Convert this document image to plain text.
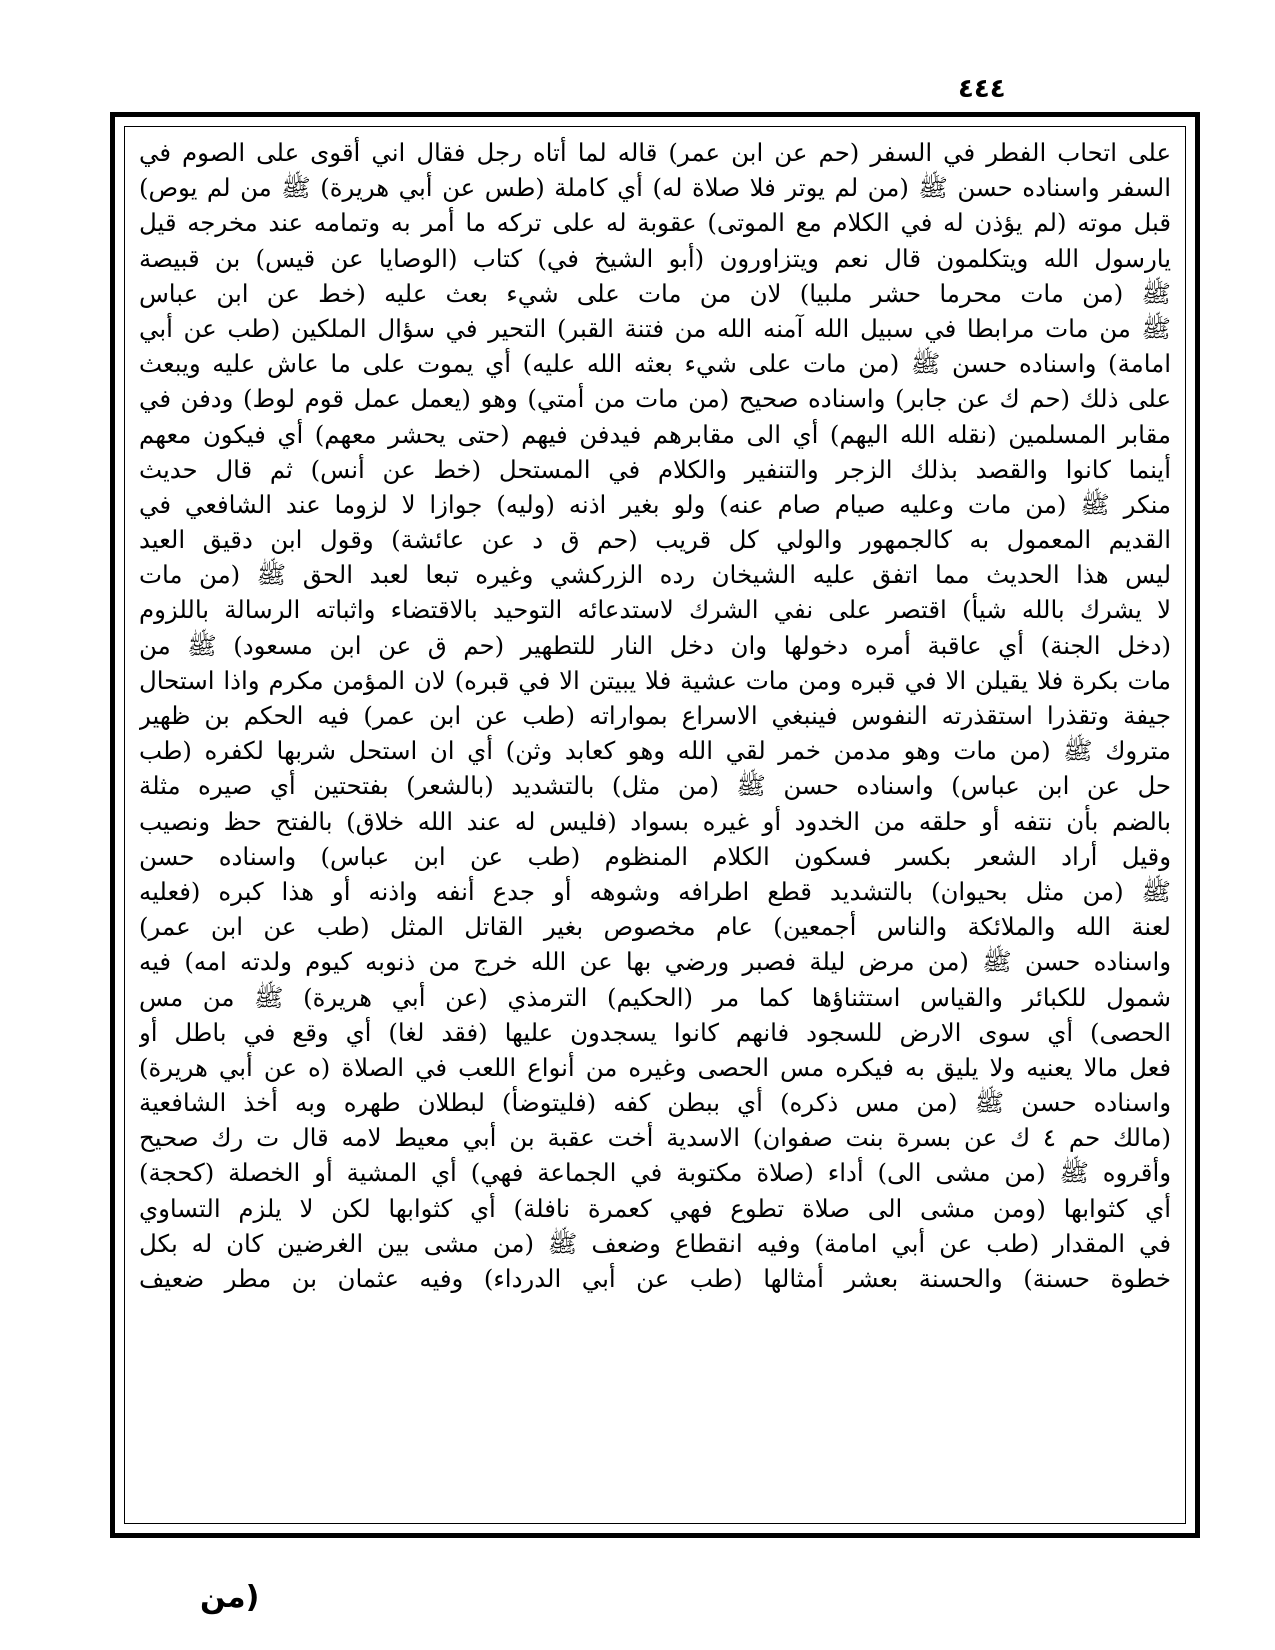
٤٤٤
على اتحاب الفطر في السفر (حم عن ابن عمر) قاله لما أتاه رجل فقال اني أقوى على الصوم في
السفر واسناده حسن ﷺ (من لم يوتر فلا صلاة له) أي كاملة (طس عن أبي هريرة) ﷺ من لم يوص)
قبل موته (لم يؤذن له في الكلام مع الموتى) عقوبة له على تركه ما أمر به وتمامه عند مخرجه قيل
يارسول الله ويتكلمون قال نعم ويتزاورون (أبو الشيخ في) كتاب (الوصايا عن قيس) بن قبيصة
ﷺ (من مات محرما حشر ملبيا) لان من مات على شيء بعث عليه (خط عن ابن عباس
ﷺ من مات مرابطا في سبيل الله آمنه الله من فتنة القبر) التحير في سؤال الملكين (طب عن أبي
امامة) واسناده حسن ﷺ (من مات على شيء بعثه الله عليه) أي يموت على ما عاش عليه ويبعث
على ذلك (حم ك عن جابر) واسناده صحيح (من مات من أمتي) وهو (يعمل عمل قوم لوط) ودفن في
مقابر المسلمين (نقله الله اليهم) أي الى مقابرهم فيدفن فيهم (حتى يحشر معهم) أي فيكون معهم
أينما كانوا والقصد بذلك الزجر والتنفير والكلام في المستحل (خط عن أنس) ثم قال حديث
منكر ﷺ (من مات وعليه صيام صام عنه) ولو بغير اذنه (وليه) جوازا لا لزوما عند الشافعي في
القديم المعمول به كالجمهور والولي كل قريب (حم ق د عن عائشة) وقول ابن دقيق العيد
ليس هذا الحديث مما اتفق عليه الشيخان رده الزركشي وغيره تبعا لعبد الحق ﷺ (من مات
لا يشرك بالله شيأ) اقتصر على نفي الشرك لاستدعائه التوحيد بالاقتضاء واثباته الرسالة باللزوم
(دخل الجنة) أي عاقبة أمره دخولها وان دخل النار للتطهير (حم ق عن ابن مسعود) ﷺ من
مات بكرة فلا يقيلن الا في قبره ومن مات عشية فلا يبيتن الا في قبره) لان المؤمن مكرم واذا استحال
جيفة وتقذرا استقذرته النفوس فينبغي الاسراع بمواراته (طب عن ابن عمر) فيه الحكم بن ظهير
متروك ﷺ (من مات وهو مدمن خمر لقي الله وهو كعابد وثن) أي ان استحل شربها لكفره (طب
حل عن ابن عباس) واسناده حسن ﷺ (من مثل) بالتشديد (بالشعر) بفتحتين أي صيره مثلة
بالضم بأن نتفه أو حلقه من الخدود أو غيره بسواد (فليس له عند الله خلاق) بالفتح حظ ونصيب
وقيل أراد الشعر بكسر فسكون الكلام المنظوم (طب عن ابن عباس) واسناده حسن
ﷺ (من مثل بحيوان) بالتشديد قطع اطرافه وشوهه أو جدع أنفه واذنه أو هذا كبره (فعليه
لعنة الله والملائكة والناس أجمعين) عام مخصوص بغير القاتل المثل (طب عن ابن عمر)
واسناده حسن ﷺ (من مرض ليلة فصبر ورضي بها عن الله خرج من ذنوبه كيوم ولدته امه) فيه
شمول للكبائر والقياس استثناؤها كما مر (الحكيم) الترمذي (عن أبي هريرة) ﷺ من مس
الحصى) أي سوى الارض للسجود فانهم كانوا يسجدون عليها (فقد لغا) أي وقع في باطل أو
فعل مالا يعنيه ولا يليق به فيكره مس الحصى وغيره من أنواع اللعب في الصلاة (ه عن أبي هريرة)
واسناده حسن ﷺ (من مس ذكره) أي ببطن كفه (فليتوضأ) لبطلان طهره وبه أخذ الشافعية
(مالك حم ٤ ك عن بسرة بنت صفوان) الاسدية أخت عقبة بن أبي معيط لامه قال ت رك صحيح
وأقروه ﷺ (من مشى الى) أداء (صلاة مكتوبة في الجماعة فهي) أي المشية أو الخصلة (كحجة)
أي كثوابها (ومن مشى الى صلاة تطوع فهي كعمرة نافلة) أي كثوابها لكن لا يلزم التساوي
في المقدار (طب عن أبي امامة) وفيه انقطاع وضعف ﷺ (من مشى بين الغرضين كان له بكل
خطوة حسنة) والحسنة بعشر أمثالها (طب عن أبي الدرداء) وفيه عثمان بن مطر ضعيف
(من
